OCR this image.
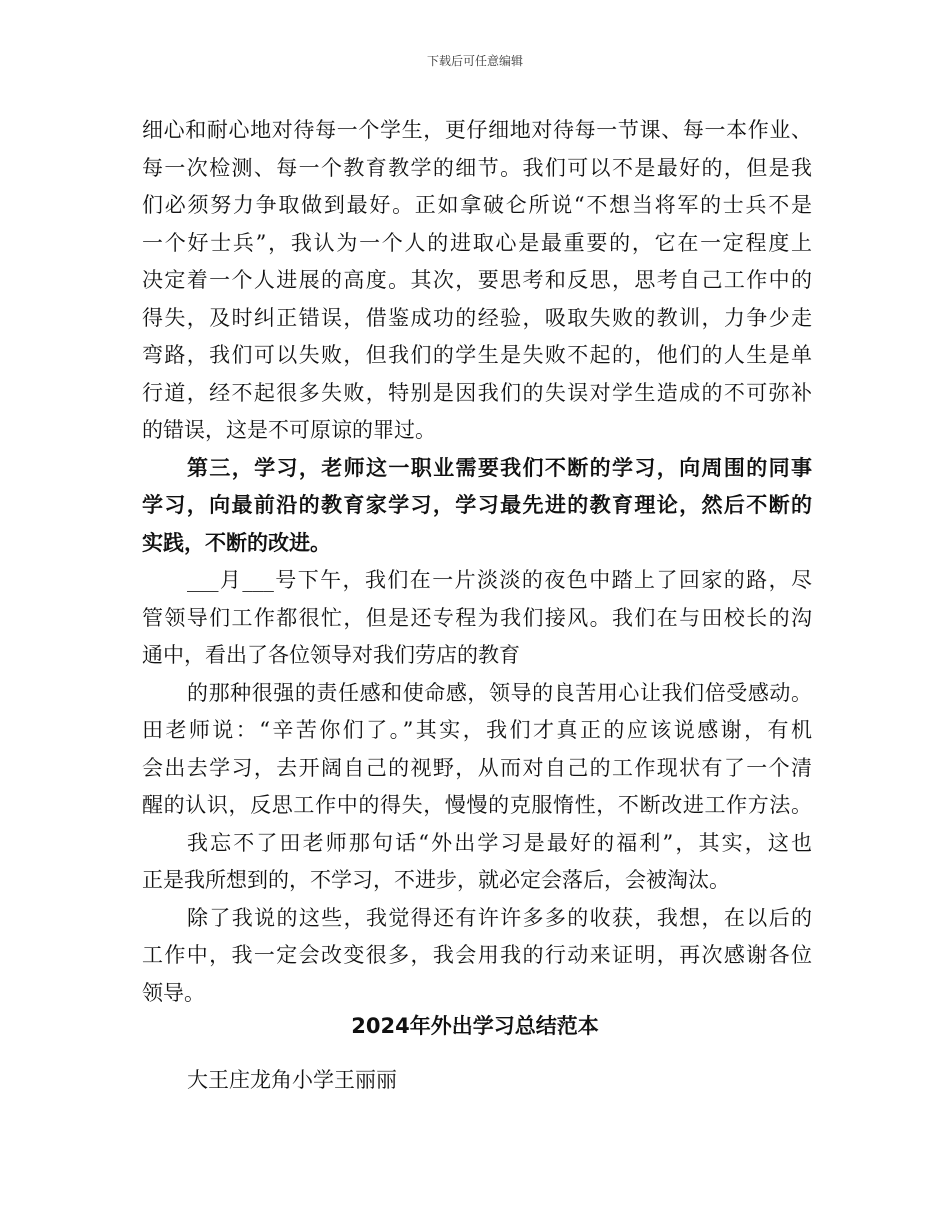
下载后可任意编辑
细心和耐心地对待每一个学生，更仔细地对待每一节课、每一本作业、
每一次检测、每一个教育教学的细节。我们可以不是最好的，但是我
们必须努力争取做到最好。正如拿破仑所说“不想当将军的士兵不是
一个好士兵”，我认为一个人的进取心是最重要的，它在一定程度上
决定着一个人进展的高度。其次，要思考和反思，思考自己工作中的
得失，及时纠正错误，借鉴成功的经验，吸取失败的教训，力争少走
弯路，我们可以失败，但我们的学生是失败不起的，他们的人生是单
行道，经不起很多失败，特别是因我们的失误对学生造成的不可弥补
的错误，这是不可原谅的罪过。
第三，学习，老师这一职业需要我们不断的学习，向周围的同事
学习，向最前沿的教育家学习，学习最先进的教育理论，然后不断的
实践，不断的改进。
___月___号下午，我们在一片淡淡的夜色中踏上了回家的路，尽
管领导们工作都很忙，但是还专程为我们接风。我们在与田校长的沟
通中，看出了各位领导对我们劳店的教育
的那种很强的责任感和使命感，领导的良苦用心让我们倍受感动。
田老师说：“辛苦你们了。”其实，我们才真正的应该说感谢，有机
会出去学习，去开阔自己的视野，从而对自己的工作现状有了一个清
醒的认识，反思工作中的得失，慢慢的克服惰性，不断改进工作方法。
我忘不了田老师那句话“外出学习是最好的福利”，其实，这也
正是我所想到的，不学习，不进步，就必定会落后，会被淘汰。
除了我说的这些，我觉得还有许许多多的收获，我想，在以后的
工作中，我一定会改变很多，我会用我的行动来证明，再次感谢各位
领导。
2024年外出学习总结范本
大王庄龙角小学王丽丽
